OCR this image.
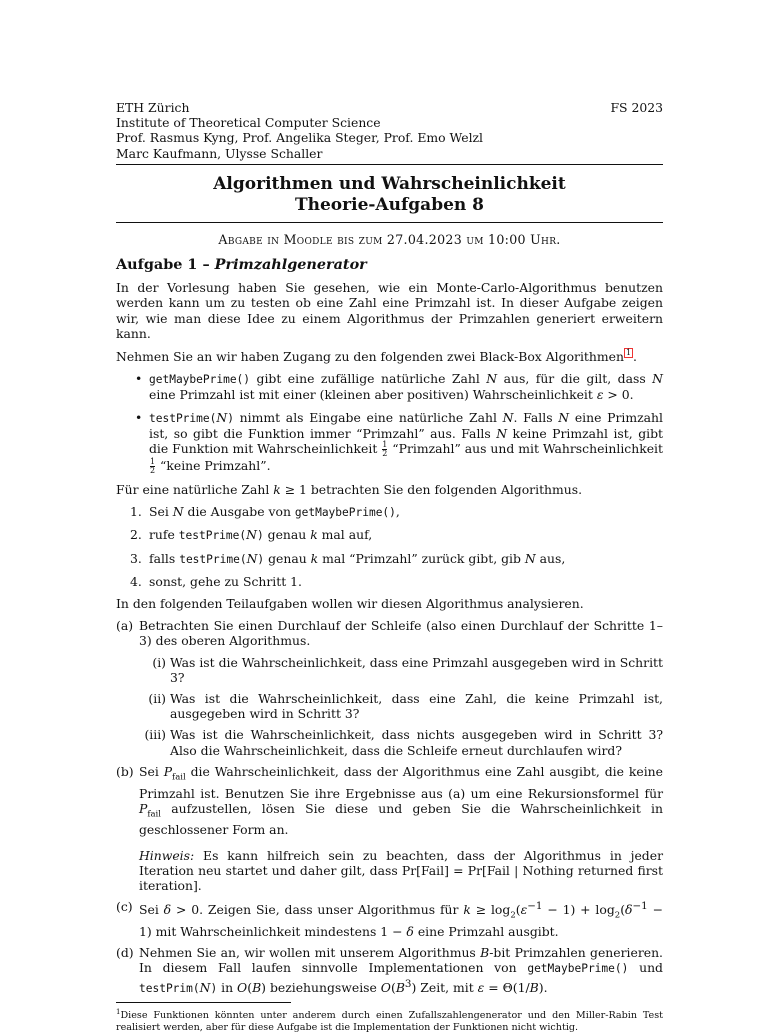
ETH Zürich
Institute of Theoretical Computer Science
Prof. Rasmus Kyng, Prof. Angelika Steger, Prof. Emo Welzl
Marc Kaufmann, Ulysse Schaller
FS 2023
Algorithmen und Wahrscheinlichkeit
Theorie-Aufgaben 8
Abgabe in Moodle bis zum 27.04.2023 um 10:00 Uhr.
Aufgabe 1 – Primzahlgenerator

In der Vorlesung haben Sie gesehen, wie ein Monte-Carlo-Algorithmus benutzen werden kann um zu testen ob eine Zahl eine Primzahl ist. In dieser Aufgabe zeigen wir, wie man diese Idee zu einem Algorithmus der Primzahlen generiert erweitern kann.

Nehmen Sie an wir haben Zugang zu den folgenden zwei Black-Box Algorithmen 1 .

• getMaybePrime() gibt eine zufällige natürliche Zahl N aus, für die gilt, dass N eine Primzahl ist mit einer (kleinen aber positiven) Wahrscheinlichkeit ε > 0.
• testPrime(N) nimmt als Eingabe eine natürliche Zahl N. Falls N eine Primzahl ist, so gibt die Funktion immer “Primzahl” aus. Falls N keine Primzahl ist, gibt die Funktion mit Wahrscheinlichkeit $\frac{1}{2}$ “Primzahl” aus und mit Wahrscheinlichkeit
$\frac{1}{2}$ “keine Primzahl”.

Für eine natürliche Zahl k ≥ 1 betrachten Sie den folgenden Algorithmus.

1. Sei N die Ausgabe von getMaybePrime(),
2. rufe testPrime(N) genau k mal auf,
3. falls testPrime(N) genau k mal “Primzahl” zurück gibt, gib N aus,
4. sonst, gehe zu Schritt 1.

In den folgenden Teilaufgaben wollen wir diesen Algorithmus analysieren.

(a) Betrachten Sie einen Durchlauf der Schleife (also einen Durchlauf der Schritte 1–3) des oberen Algorithmus.
(i) Was ist die Wahrscheinlichkeit, dass eine Primzahl ausgegeben wird in Schritt 3?
(ii) Was ist die Wahrscheinlichkeit, dass eine Zahl, die keine Primzahl ist, ausgegeben wird in Schritt 3?
(iii) Was ist die Wahrscheinlichkeit, dass nichts ausgegeben wird in Schritt 3? Also die Wahrscheinlichkeit, dass die Schleife erneut durchlaufen wird?
(b) Sei $P_{fail}$ die Wahrscheinlichkeit, dass der Algorithmus eine Zahl ausgibt, die keine Primzahl ist. Benutzen Sie ihre Ergebnisse aus (a) um eine Rekursionsformel für $P_{fail}$ aufzustellen, lösen Sie diese und geben Sie die Wahrscheinlichkeit in geschlossener Form an.
Hinweis: Es kann hilfreich sein zu beachten, dass der Algorithmus in jeder Iteration neu startet und daher gilt, dass Pr[Fail] = Pr[Fail | Nothing returned first iteration].
(c) Sei δ > 0. Zeigen Sie, dass unser Algorithmus für $k \ge \log_2(\varepsilon^{-1} - 1) + \log_2(\delta^{-1} - 1)$ mit Wahrscheinlichkeit mindestens 1 − δ eine Primzahl ausgibt.
(d) Nehmen Sie an, wir wollen mit unserem Algorithmus B-bit Primzahlen generieren. In diesem Fall laufen sinnvolle Implementationen von getMaybePrime() und testPrim(N) in O(B) beziehungsweise $O(B^3)$ Zeit, mit ε = Θ(1/B).
$^1$Diese Funktionen könnten unter anderem durch einen Zufallszahlengenerator und den Miller-Rabin Test realisiert werden, aber für diese Aufgabe ist die Implementation der Funktionen nicht wichtig.
